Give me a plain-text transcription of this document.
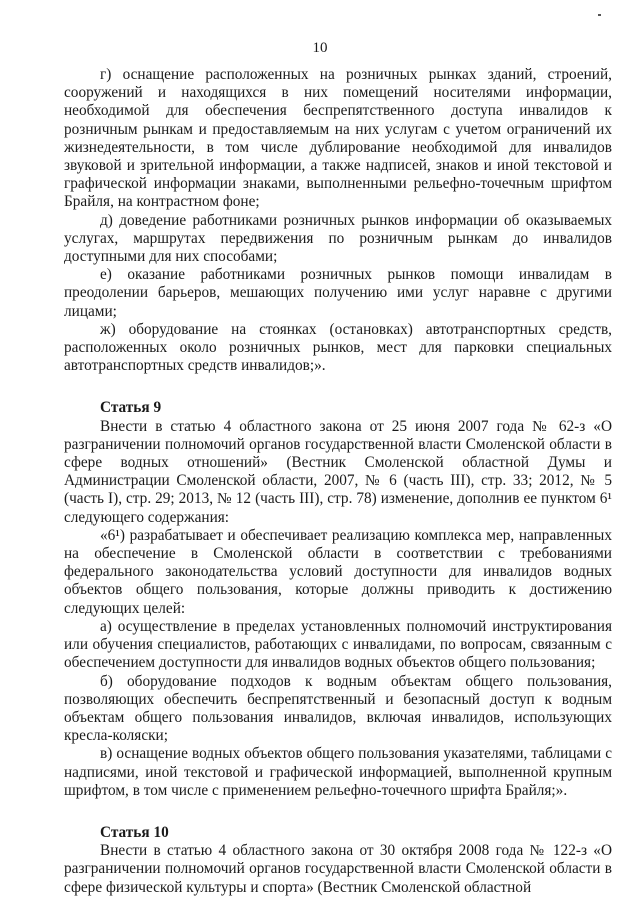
10

г) оснащение расположенных на розничных рынках зданий, строений, сооружений и находящихся в них помещений носителями информации, необходимой для обеспечения беспрепятственного доступа инвалидов к розничным рынкам и предоставляемым на них услугам с учетом ограничений их жизнедеятельности, в том числе дублирование необходимой для инвалидов звуковой и зрительной информации, а также надписей, знаков и иной текстовой и графической информации знаками, выполненными рельефно-точечным шрифтом Брайля, на контрастном фоне;

д) доведение работниками розничных рынков информации об оказываемых услугах, маршрутах передвижения по розничным рынкам до инвалидов доступными для них способами;

е) оказание работниками розничных рынков помощи инвалидам в преодолении барьеров, мешающих получению ими услуг наравне с другими лицами;

ж) оборудование на стоянках (остановках) автотранспортных средств, расположенных около розничных рынков, мест для парковки специальных автотранспортных средств инвалидов;».

Статья 9

Внести в статью 4 областного закона от 25 июня 2007 года № 62-з «О разграничении полномочий органов государственной власти Смоленской области в сфере водных отношений» (Вестник Смоленской областной Думы и Администрации Смоленской области, 2007, № 6 (часть III), стр. 33; 2012, № 5 (часть I), стр. 29; 2013, № 12 (часть III), стр. 78) изменение, дополнив ее пунктом 6¹ следующего содержания:

«6¹) разрабатывает и обеспечивает реализацию комплекса мер, направленных на обеспечение в Смоленской области в соответствии с требованиями федерального законодательства условий доступности для инвалидов водных объектов общего пользования, которые должны приводить к достижению следующих целей:

а) осуществление в пределах установленных полномочий инструктирования или обучения специалистов, работающих с инвалидами, по вопросам, связанным с обеспечением доступности для инвалидов водных объектов общего пользования;

б) оборудование подходов к водным объектам общего пользования, позволяющих обеспечить беспрепятственный и безопасный доступ к водным объектам общего пользования инвалидов, включая инвалидов, использующих кресла-коляски;

в) оснащение водных объектов общего пользования указателями, таблицами с надписями, иной текстовой и графической информацией, выполненной крупным шрифтом, в том числе с применением рельефно-точечного шрифта Брайля;».

Статья 10

Внести в статью 4 областного закона от 30 октября 2008 года № 122-з «О разграничении полномочий органов государственной власти Смоленской области в сфере физической культуры и спорта» (Вестник Смоленской областной
